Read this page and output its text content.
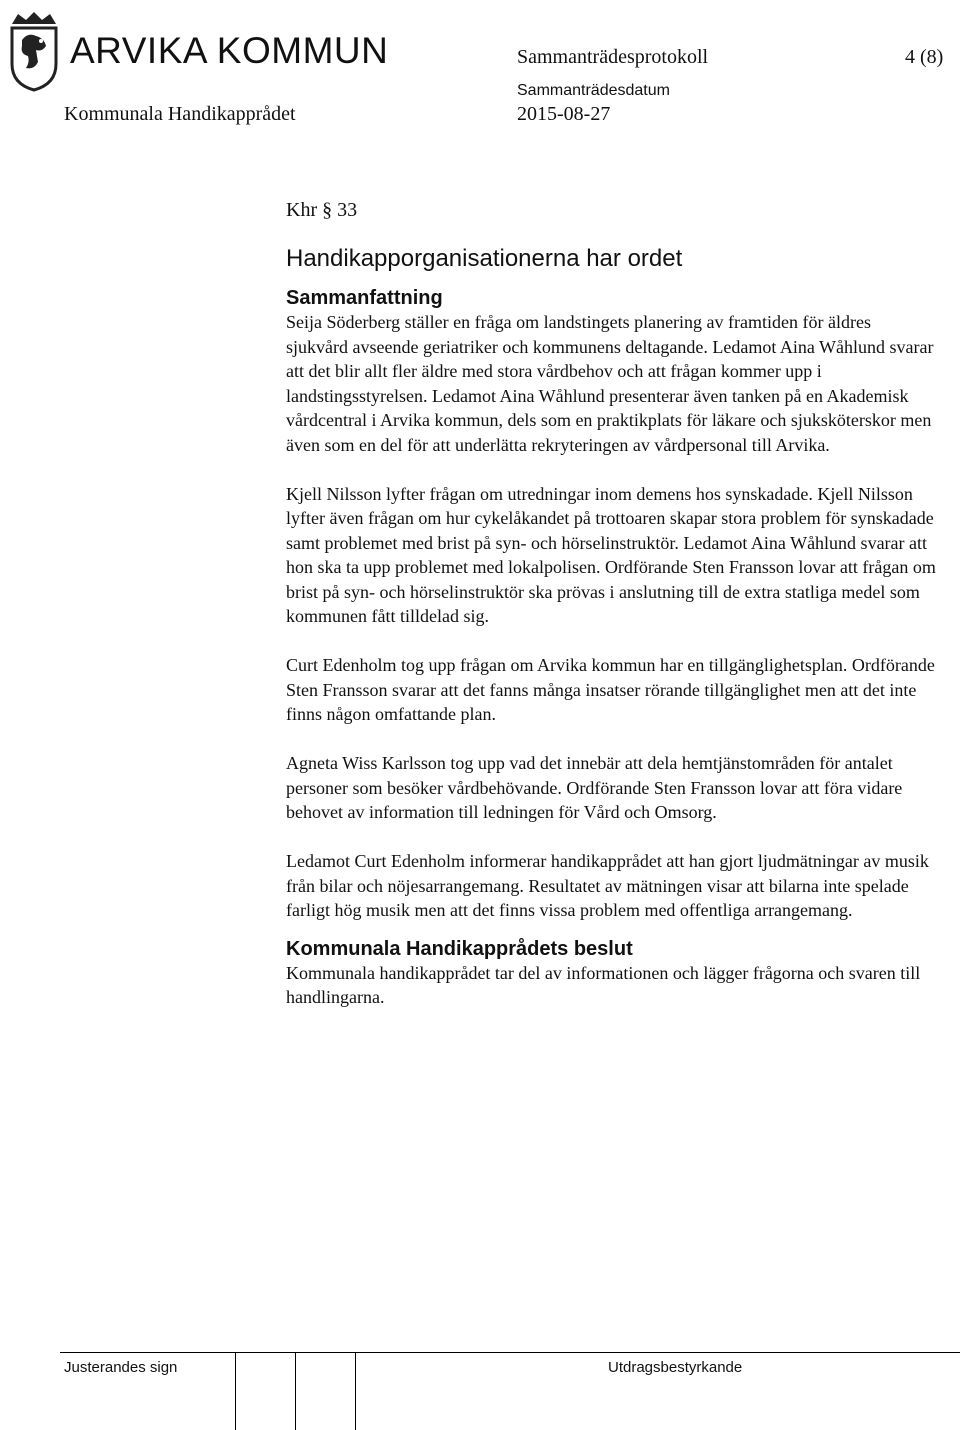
ARVIKA KOMMUN	Sammanträdesprotokoll	4 (8)
Sammanträdesdatum
Kommunala Handikapprådet	2015-08-27

Khr § 33

Handikapporganisationerna har ordet
Sammanfattning

Seija Söderberg ställer en fråga om landstingets planering av framtiden för äldres sjukvård avseende geriatriker och kommunens deltagande. Ledamot Aina Wåhlund svarar att det blir allt fler äldre med stora vårdbehov och att frågan kommer upp i landstingsstyrelsen. Ledamot Aina Wåhlund presenterar även tanken på en Akademisk vårdcentral i Arvika kommun, dels som en praktikplats för läkare och sjuksköterskor men även som en del för att underlätta rekryteringen av vårdpersonal till Arvika.

Kjell Nilsson lyfter frågan om utredningar inom demens hos synskadade. Kjell Nilsson lyfter även frågan om hur cykelåkandet på trottoaren skapar stora problem för synskadade samt problemet med brist på syn- och hörselinstruktör. Ledamot Aina Wåhlund svarar att hon ska ta upp problemet med lokalpolisen. Ordförande Sten Fransson lovar att frågan om brist på syn- och hörselinstruktör ska prövas i anslutning till de extra statliga medel som kommunen fått tilldelad sig.

Curt Edenholm tog upp frågan om Arvika kommun har en tillgänglighetsplan. Ordförande Sten Fransson svarar att det fanns många insatser rörande tillgänglighet men att det inte finns någon omfattande plan.

Agneta Wiss Karlsson tog upp vad det innebär att dela hemtjänstområden för antalet personer som besöker vårdbehövande. Ordförande Sten Fransson lovar att föra vidare behovet av information till ledningen för Vård och Omsorg.

Ledamot Curt Edenholm informerar handikapprådet att han gjort ljudmätningar av musik från bilar och nöjesarrangemang. Resultatet av mätningen visar att bilarna inte spelade farligt hög musik men att det finns vissa problem med offentliga arrangemang.

Kommunala Handikapprådets beslut

Kommunala handikapprådet tar del av informationen och lägger frågorna och svaren till handlingarna.

Justerandes sign	Utdragsbestyrkande
